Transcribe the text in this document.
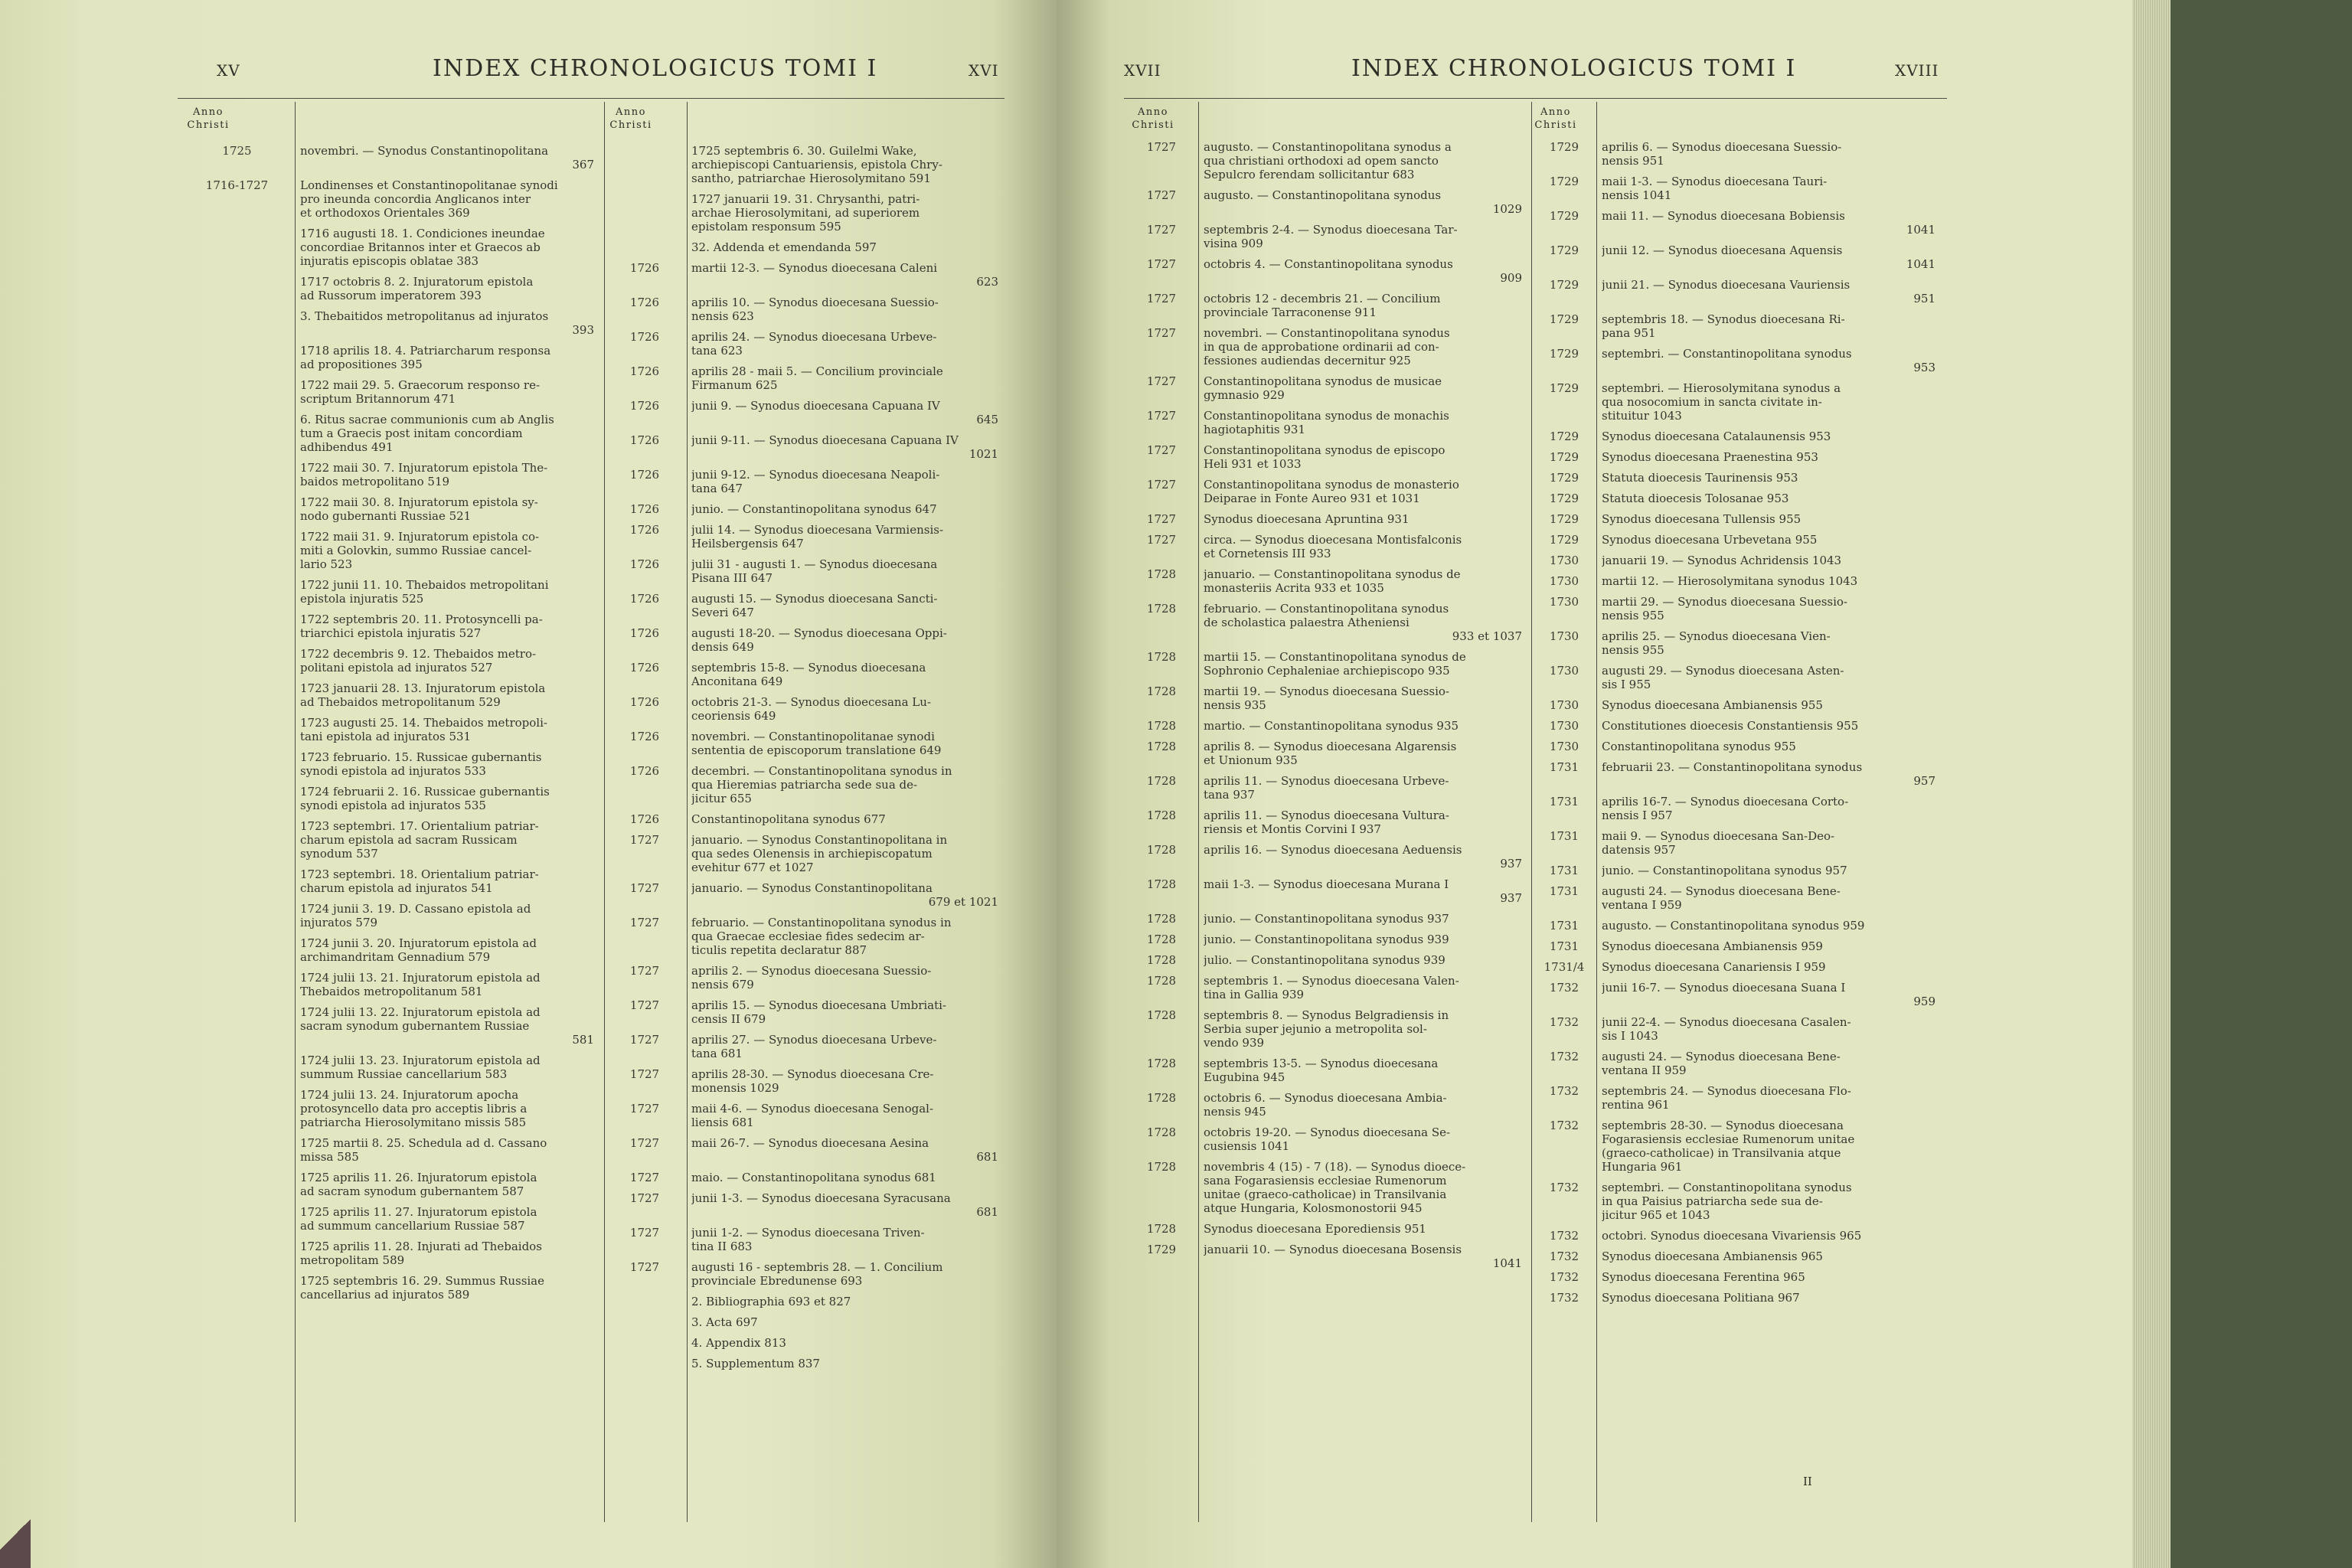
XV	INDEX CHRONOLOGICUS TOMI I	XVI
Anno
Christi
Anno
Christi
1725	novembri. — Synodus Constantinopolitana
367
1716-1727	Londinenses et Constantinopolitanae synodi
pro ineunda concordia Anglicanos inter
et orthodoxos Orientales 369
1716 augusti 18. 1. Condiciones ineundae
concordiae Britannos inter et Graecos ab
injuratis episcopis oblatae 383
1717 octobris 8. 2. Injuratorum epistola
ad Russorum imperatorem 393
3. Thebaitidos metropolitanus ad injuratos
393
1718 aprilis 18. 4. Patriarcharum responsa
ad propositiones 395
1722 maii 29. 5. Graecorum responso re-
scriptum Britannorum 471
6. Ritus sacrae communionis cum ab Anglis
tum a Graecis post initam concordiam
adhibendus 491
1722 maii 30. 7. Injuratorum epistola The-
baidos metropolitano 519
1722 maii 30. 8. Injuratorum epistola sy-
nodo gubernanti Russiae 521
1722 maii 31. 9. Injuratorum epistola co-
miti a Golovkin, summo Russiae cancel-
lario 523
1722 junii 11. 10. Thebaidos metropolitani
epistola injuratis 525
1722 septembris 20. 11. Protosyncelli pa-
triarchici epistola injuratis 527
1722 decembris 9. 12. Thebaidos metro-
politani epistola ad injuratos 527
1723 januarii 28. 13. Injuratorum epistola
ad Thebaidos metropolitanum 529
1723 augusti 25. 14. Thebaidos metropoli-
tani epistola ad injuratos 531
1723 februario. 15. Russicae gubernantis
synodi epistola ad injuratos 533
1724 februarii 2. 16. Russicae gubernantis
synodi epistola ad injuratos 535
1723 septembri. 17. Orientalium patriar-
charum epistola ad sacram Russicam
synodum 537
1723 septembri. 18. Orientalium patriar-
charum epistola ad injuratos 541
1724 junii 3. 19. D. Cassano epistola ad
injuratos 579
1724 junii 3. 20. Injuratorum epistola ad
archimandritam Gennadium 579
1724 julii 13. 21. Injuratorum epistola ad
Thebaidos metropolitanum 581
1724 julii 13. 22. Injuratorum epistola ad
sacram synodum gubernantem Russiae
581
1724 julii 13. 23. Injuratorum epistola ad
summum Russiae cancellarium 583
1724 julii 13. 24. Injuratorum apocha
protosyncello data pro acceptis libris a
patriarcha Hierosolymitano missis 585
1725 martii 8. 25. Schedula ad d. Cassano
missa 585
1725 aprilis 11. 26. Injuratorum epistola
ad sacram synodum gubernantem 587
1725 aprilis 11. 27. Injuratorum epistola
ad summum cancellarium Russiae 587
1725 aprilis 11. 28. Injurati ad Thebaidos
metropolitam 589
1725 septembris 16. 29. Summus Russiae
cancellarius ad injuratos 589
1725 septembris 6. 30. Guilelmi Wake,
archiepiscopi Cantuariensis, epistola Chry-
santho, patriarchae Hierosolymitano 591
1727 januarii 19. 31. Chrysanthi, patri-
archae Hierosolymitani, ad superiorem
epistolam responsum 595
32. Addenda et emendanda 597
1726	martii 12-3. — Synodus dioecesana Caleni
623
1726	aprilis 10. — Synodus dioecesana Suessio-
nensis 623
1726	aprilis 24. — Synodus dioecesana Urbeve-
tana 623
1726	aprilis 28 - maii 5. — Concilium provinciale
Firmanum 625
1726	junii 9. — Synodus dioecesana Capuana IV
645
1726	junii 9-11. — Synodus dioecesana Capuana IV
1021
1726	junii 9-12. — Synodus dioecesana Neapoli-
tana 647
1726	junio. — Constantinopolitana synodus 647
1726	julii 14. — Synodus dioecesana Varmiensis-
Heilsbergensis 647
1726	julii 31 - augusti 1. — Synodus dioecesana
Pisana III 647
1726	augusti 15. — Synodus dioecesana Sancti-
Severi 647
1726	augusti 18-20. — Synodus dioecesana Oppi-
densis 649
1726	septembris 15-8. — Synodus dioecesana
Anconitana 649
1726	octobris 21-3. — Synodus dioecesana Lu-
ceoriensis 649
1726	novembri. — Constantinopolitanae synodi
sententia de episcoporum translatione 649
1726	decembri. — Constantinopolitana synodus in
qua Hieremias patriarcha sede sua de-
jicitur 655
1726	Constantinopolitana synodus 677
1727	januario. — Synodus Constantinopolitana in
qua sedes Olenensis in archiepiscopatum
evehitur 677 et 1027
1727	januario. — Synodus Constantinopolitana
679 et 1021
1727	februario. — Constantinopolitana synodus in
qua Graecae ecclesiae fides sedecim ar-
ticulis repetita declaratur 887
1727	aprilis 2. — Synodus dioecesana Suessio-
nensis 679
1727	aprilis 15. — Synodus dioecesana Umbriati-
censis II 679
1727	aprilis 27. — Synodus dioecesana Urbeve-
tana 681
1727	aprilis 28-30. — Synodus dioecesana Cre-
monensis 1029
1727	maii 4-6. — Synodus dioecesana Senogal-
liensis 681
1727	maii 26-7. — Synodus dioecesana Aesina
681
1727	maio. — Constantinopolitana synodus 681
1727	junii 1-3. — Synodus dioecesana Syracusana
681
1727	junii 1-2. — Synodus dioecesana Triven-
tina II 683
1727	augusti 16 - septembris 28. — 1. Concilium
provinciale Ebredunense 693
2. Bibliographia 693 et 827
3. Acta 697
4. Appendix 813
5. Supplementum 837
XVII	INDEX CHRONOLOGICUS TOMI I	XVIII
Anno
Christi
Anno
Christi
1727	augusto. — Constantinopolitana synodus a
qua christiani orthodoxi ad opem sancto
Sepulcro ferendam sollicitantur 683
1727	augusto. — Constantinopolitana synodus
1029
1727	septembris 2-4. — Synodus dioecesana Tar-
visina 909
1727	octobris 4. — Constantinopolitana synodus
909
1727	octobris 12 - decembris 21. — Concilium
provinciale Tarraconense 911
1727	novembri. — Constantinopolitana synodus
in qua de approbatione ordinarii ad con-
fessiones audiendas decernitur 925
1727	Constantinopolitana synodus de musicae
gymnasio 929
1727	Constantinopolitana synodus de monachis
hagiotaphitis 931
1727	Constantinopolitana synodus de episcopo
Heli 931 et 1033
1727	Constantinopolitana synodus de monasterio
Deiparae in Fonte Aureo 931 et 1031
1727	Synodus dioecesana Apruntina 931
1727	circa. — Synodus dioecesana Montisfalconis
et Cornetensis III 933
1728	januario. — Constantinopolitana synodus de
monasteriis Acrita 933 et 1035
1728	februario. — Constantinopolitana synodus
de scholastica palaestra Atheniensi
933 et 1037
1728	martii 15. — Constantinopolitana synodus de
Sophronio Cephaleniae archiepiscopo 935
1728	martii 19. — Synodus dioecesana Suessio-
nensis 935
1728	martio. — Constantinopolitana synodus 935
1728	aprilis 8. — Synodus dioecesana Algarensis
et Unionum 935
1728	aprilis 11. — Synodus dioecesana Urbeve-
tana 937
1728	aprilis 11. — Synodus dioecesana Vultura-
riensis et Montis Corvini I 937
1728	aprilis 16. — Synodus dioecesana Aeduensis
937
1728	maii 1-3. — Synodus dioecesana Murana I
937
1728	junio. — Constantinopolitana synodus 937
1728	junio. — Constantinopolitana synodus 939
1728	julio. — Constantinopolitana synodus 939
1728	septembris 1. — Synodus dioecesana Valen-
tina in Gallia 939
1728	septembris 8. — Synodus Belgradiensis in
Serbia super jejunio a metropolita sol-
vendo 939
1728	septembris 13-5. — Synodus dioecesana
Eugubina 945
1728	octobris 6. — Synodus dioecesana Ambia-
nensis 945
1728	octobris 19-20. — Synodus dioecesana Se-
cusiensis 1041
1728	novembris 4 (15) - 7 (18). — Synodus dioece-
sana Fogarasiensis ecclesiae Rumenorum
unitae (graeco-catholicae) in Transilvania
atque Hungaria, Kolosmonostorii 945
1728	Synodus dioecesana Eporediensis 951
1729	januarii 10. — Synodus dioecesana Bosensis
1041
1729	aprilis 6. — Synodus dioecesana Suessio-
nensis 951
1729	maii 1-3. — Synodus dioecesana Tauri-
nensis 1041
1729	maii 11. — Synodus dioecesana Bobiensis
1041
1729	junii 12. — Synodus dioecesana Aquensis
1041
1729	junii 21. — Synodus dioecesana Vauriensis
951
1729	septembris 18. — Synodus dioecesana Ri-
pana 951
1729	septembri. — Constantinopolitana synodus
953
1729	septembri. — Hierosolymitana synodus a
qua nosocomium in sancta civitate in-
stituitur 1043
1729	Synodus dioecesana Catalaunensis 953
1729	Synodus dioecesana Praenestina 953
1729	Statuta dioecesis Taurinensis 953
1729	Statuta dioecesis Tolosanae 953
1729	Synodus dioecesana Tullensis 955
1729	Synodus dioecesana Urbevetana 955
1730	januarii 19. — Synodus Achridensis 1043
1730	martii 12. — Hierosolymitana synodus 1043
1730	martii 29. — Synodus dioecesana Suessio-
nensis 955
1730	aprilis 25. — Synodus dioecesana Vien-
nensis 955
1730	augusti 29. — Synodus dioecesana Asten-
sis I 955
1730	Synodus dioecesana Ambianensis 955
1730	Constitutiones dioecesis Constantiensis 955
1730	Constantinopolitana synodus 955
1731	februarii 23. — Constantinopolitana synodus
957
1731	aprilis 16-7. — Synodus dioecesana Corto-
nensis I 957
1731	maii 9. — Synodus dioecesana San-Deo-
datensis 957
1731	junio. — Constantinopolitana synodus 957
1731	augusti 24. — Synodus dioecesana Bene-
ventana I 959
1731	augusto. — Constantinopolitana synodus 959
1731	Synodus dioecesana Ambianensis 959
1731/4	Synodus dioecesana Canariensis I 959
1732	junii 16-7. — Synodus dioecesana Suana I
959
1732	junii 22-4. — Synodus dioecesana Casalen-
sis I 1043
1732	augusti 24. — Synodus dioecesana Bene-
ventana II 959
1732	septembris 24. — Synodus dioecesana Flo-
rentina 961
1732	septembris 28-30. — Synodus dioecesana
Fogarasiensis ecclesiae Rumenorum unitae
(graeco-catholicae) in Transilvania atque
Hungaria 961
1732	septembri. — Constantinopolitana synodus
in qua Paisius patriarcha sede sua de-
jicitur 965 et 1043
1732	octobri. Synodus dioecesana Vivariensis 965
1732	Synodus dioecesana Ambianensis 965
1732	Synodus dioecesana Ferentina 965
1732	Synodus dioecesana Politiana 967
II
